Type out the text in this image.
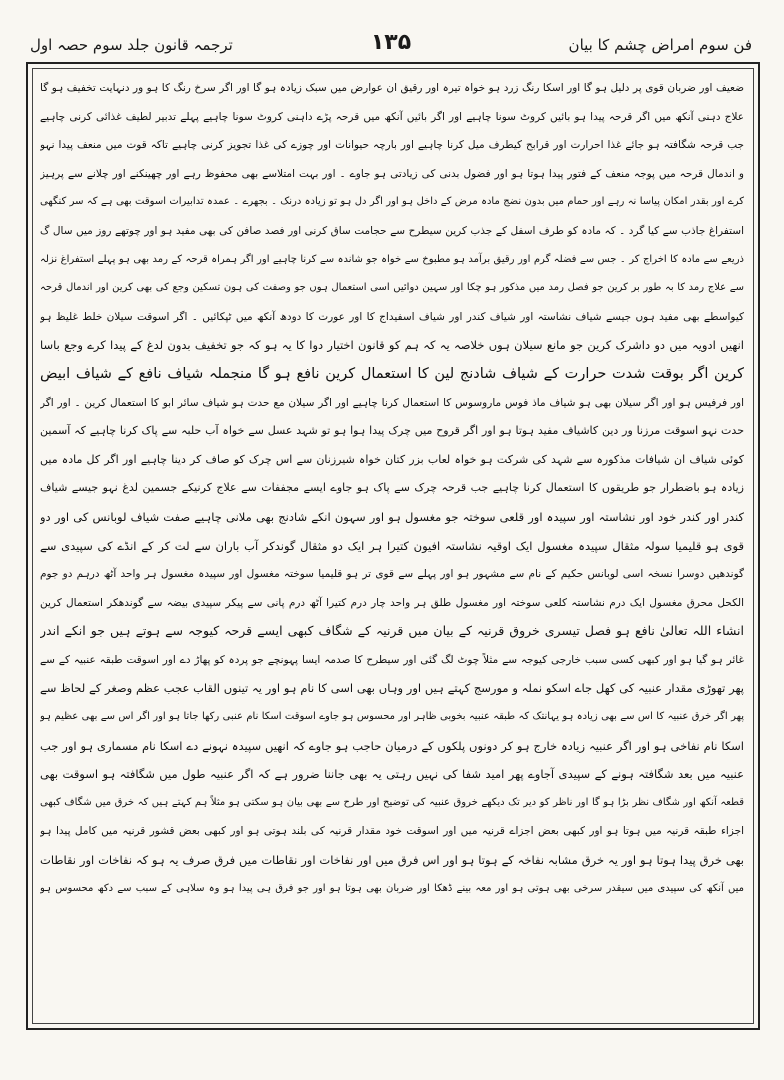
فن سوم امراض چشم کا بیان
۱۳۵
ترجمہ قانون جلد سوم حصہ اول
ضعیف اور ضربان قوی پر دلیل ہو گا اور اسکا رنگ زرد ہو خواہ تیرہ اور رقیق ان عوارض میں سبک زیادہ ہو گا اور اگر سرخ رنگ کا ہو ور دنہایت تخفیف ہو گا
علاج دہنی آنکھ میں اگر قرحہ پیدا ہو بائیں کروٹ سونا چاہیے اور اگر بائیں آنکھ میں قرحہ پڑے داہنی کروٹ سونا چاہیے پہلے تدبیر لطیف غذائی کرنی چاہیے
جب قرحہ شگافتہ ہو جائے غذا احرارت اور قرابح کیطرف میل کرنا چاہیے اور بارچہ حیوانات اور چوزے کی غذا تجویز کرنی چاہیے تاکہ قوت میں منعف پیدا نہو
و اندمال قرحہ میں پوجہ منعف کے فتور پیدا ہوتا ہو اور فضول بدنی کی زیادتی ہو جاوے ۔ اور بہت امتلاسے بھی محفوظ رہے اور چھینکنے اور چلانے سے پرہیز
کرے اور بقدر امکان پیاسا نہ رہے اور حمام میں بدون نضج مادہ مرض کے داخل ہو اور اگر دل ہو تو زیادہ درنک ۔ بجھرے ۔ عمدہ تدابیرات اسوقت بھی ہے کہ سر کنگھی
استفراغ جاذب سے کیا گرد ۔ کہ مادہ کو طرف اسفل کے جذب کرین سیطرح سے حجامت ساق کرنی اور فصد صافن کی بھی مفید ہو اور چوتھے روز میں سال گ
ذریعے سے مادہ کا اخراج کر ۔ جس سے فضلہ گرم اور رقیق برآمد ہو مطبوخ سے خواہ جو شاندہ سے کرنا چاہیے اور اگر ہمراہ قرحہ کے رمد بھی ہو پہلے استفراغ نزلہ
سے علاج رمد کا بہ طور بر کرین جو فصل رمد میں مذکور ہو چکا اور سہین دوائیں اسی استعمال ہوں جو وصفت کی ہون تسکین وجع کی بھی کرین اور اندمال قرحہ
کیواسطے بھی مفید ہوں جیسے شیاف نشاستہ اور شیاف کندر اور شیاف اسفیداج کا اور عورت کا دودھ آنکھ میں ٹپکائیں ۔ اگر اسوقت سیلان خلط غلیظ ہو
انھیں ادویہ میں دو داشرک کرین جو مانع سیلان ہوں خلاصہ یہ کہ ہم کو قانون اختیار دوا کا یہ ہو کہ جو تخفیف بدون لدغ کے پیدا کرے وجع باسا
کرین اگر بوقت شدت حرارت کے شیاف شادنج لین کا استعمال کرین نافع ہو گا منجملہ شیاف نافع کے شیاف ابیض
اور فرفیس ہو اور اگر سیلان بھی ہو شیاف ماذ فوس ماروسوس کا استعمال کرنا چاہیے اور اگر سیلان مع حدت ہو شیاف سائر ابو کا استعمال کرین ۔ اور اگر
حدت نہو اسوقت مرزنا ور دین کاشیاف مفید ہوتا ہو اور اگر قروح میں چرک پیدا ہوا ہو تو شہد عسل سے خواہ آب حلبہ سے پاک کرنا چاہیے کہ آسمین
کوئی شیاف ان شیافات مذکورہ سے شہد کی شرکت ہو خواہ لعاب بزر کتان خواہ شیرزنان سے اس چرک کو صاف کر دینا چاہیے اور اگر کل مادہ میں
زیادہ ہو باضطرار جو طریقوں کا استعمال کرنا چاہیے جب قرحہ چرک سے پاک ہو جاوے ایسے مجففات سے علاج کرنیکے جسمین لدغ نہو جیسے شیاف
کندر اور کندر خود اور نشاستہ اور سپیدہ اور قلعی سوختہ جو مغسول ہو اور سہون انکے شادنج بھی ملانی چاہیے صفت شیاف لوبانس کی اور دو
قوی ہو قلیمیا سولہ مثقال سپیدہ مغسول ایک اوقیہ نشاستہ افیون کتیرا ہر ایک دو مثقال گوندکر آب باران سے لت کر کے انڈے کی سپیدی سے
گوندھیں دوسرا نسخہ اسی لوبانس حکیم کے نام سے مشہور ہو اور پہلے سے قوی تر ہو قلیمیا سوختہ مغسول اور سپیدہ مغسول ہر واحد آٹھ درہم دو جوم
الکحل محرق مغسول ایک درم نشاستہ کلعی سوختہ اور مغسول طلق ہر واحد چار درم کتیرا آٹھ درم پانی سے پیکر سپیدی بیضہ سے گوندھکر استعمال کرین
انشاء اللہ تعالیٰ نافع ہو فصل تیسری خروق قرنیہ کے بیان میں قرنیہ کے شگاف کبھی ایسے قرحہ کیوجہ سے ہوتے ہیں جو انکے اندر
غائر ہو گیا ہو اور کبھی کسی سبب خارجی کیوجہ سے مثلاً چوٹ لگ گئی اور سیطرح کا صدمہ ایسا پہونچے جو پردہ کو پھاڑ دے اور اسوقت طبقہ عنبیہ کے سے
پھر تھوڑی مقدار عنبیہ کی کھل جاے اسکو نملہ و مورسج کہتے ہیں اور وہاں بھی اسی کا نام ہو اور یہ تینوں القاب عجب عظم وصغر کے لحاظ سے
پھر اگر خرق عنبیہ کا اس سے بھی زیادہ ہو یہانتک کہ طبقہ عنبیہ بخوبی ظاہر اور محسوس ہو جاوے اسوقت اسکا نام عنبی رکھا جاتا ہو اور اگر اس سے بھی عظیم ہو
اسکا نام نفاخی ہو اور اگر عنبیہ زیادہ خارج ہو کر دونوں پلکوں کے درمیان حاجب ہو جاوے کہ انھیں سپیدہ نہونے دے اسکا نام مسماری ہو اور جب
عنبیہ میں بعد شگافتہ ہونے کے سپیدی آجاوے پھر امید شفا کی نہیں رہتی یہ بھی جاننا ضرور ہے کہ اگر عنبیہ طول میں شگافتہ ہو اسوقت بھی
قطعہ آنکھ اور شگاف نظر بڑا ہو گا اور ناظر کو دیر تک دیکھے خروق عنبیہ کی توضیح اور طرح سے بھی بیان ہو سکتی ہو مثلاً ہم کہتے ہیں کہ خرق میں شگاف کبھی
اجزاء طبقہ قرنیہ میں ہوتا ہو اور کبھی بعض اجزاے قرنیہ میں اور اسوقت خود مقدار قرنیہ کی بلند ہوتی ہو اور کبھی بعض قشور قرنیہ میں کامل پیدا ہو
بھی خرق پیدا ہوتا ہو اور یہ خرق مشابہ نفاخہ کے ہوتا ہو اور اس فرق میں اور نفاخات اور نقاطات میں فرق صرف یہ ہو کہ نفاخات اور نقاطات
میں آنکھ کی سپیدی میں سیقدر سرخی بھی ہوتی ہو اور معہ بینے ڈھکا اور ضربان بھی ہوتا ہو اور جو فرق ہی پیدا ہو وہ سلاہی کے سبب سے دکھ محسوس ہو
